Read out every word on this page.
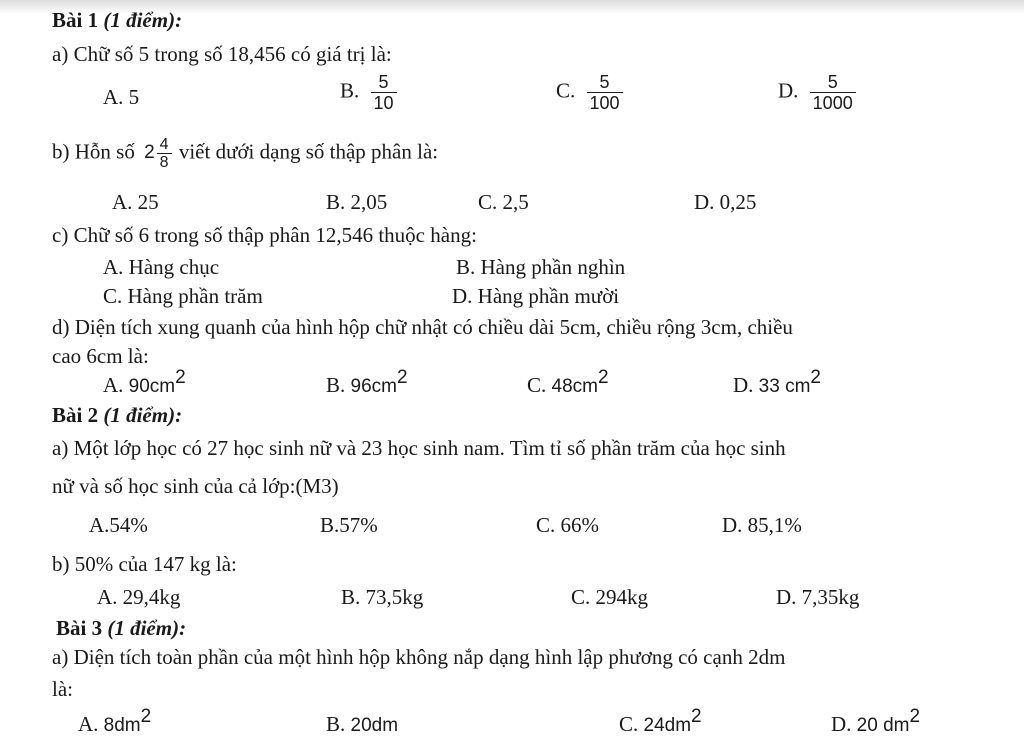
Bài 1 (1 điểm):
a) Chữ số 5 trong số 18,456 có giá trị là:
A. 5	B. $\frac{5}{10}$	C. $\frac{5}{100}$	D. $\frac{5}{1000}$
b) Hỗn số $2 \frac{4}{8}$ viết dưới dạng số thập phân là:
A. 25	B. 2,05	C. 2,5	D. 0,25
c) Chữ số 6 trong số thập phân 12,546 thuộc hàng:
A. Hàng chục	B. Hàng phần nghìn
C. Hàng phần trăm	D. Hàng phần mười
d) Diện tích xung quanh của hình hộp chữ nhật có chiều dài 5cm, chiều rộng 3cm, chiều
cao 6cm là:
A. $90cm^2$	B. $96cm^2$	C. $48cm^2$	D. 33 $cm^2$
Bài 2 (1 điểm):
a) Một lớp học có 27 học sinh nữ và 23 học sinh nam. Tìm tỉ số phần trăm của học sinh
nữ và số học sinh của cả lớp:(M3)
A.54%	B.57%	C. 66%	D. 85,1%
b) 50% của 147 kg là:
A. 29,4kg	B. 73,5kg	C. 294kg	D. 7,35kg
Bài 3 (1 điểm):
a) Diện tích toàn phần của một hình hộp không nắp dạng hình lập phương có cạnh 2dm
là:
A. $8dm^2$	B. 20dm	C. $24dm^2$	D. 20 $dm^2$
